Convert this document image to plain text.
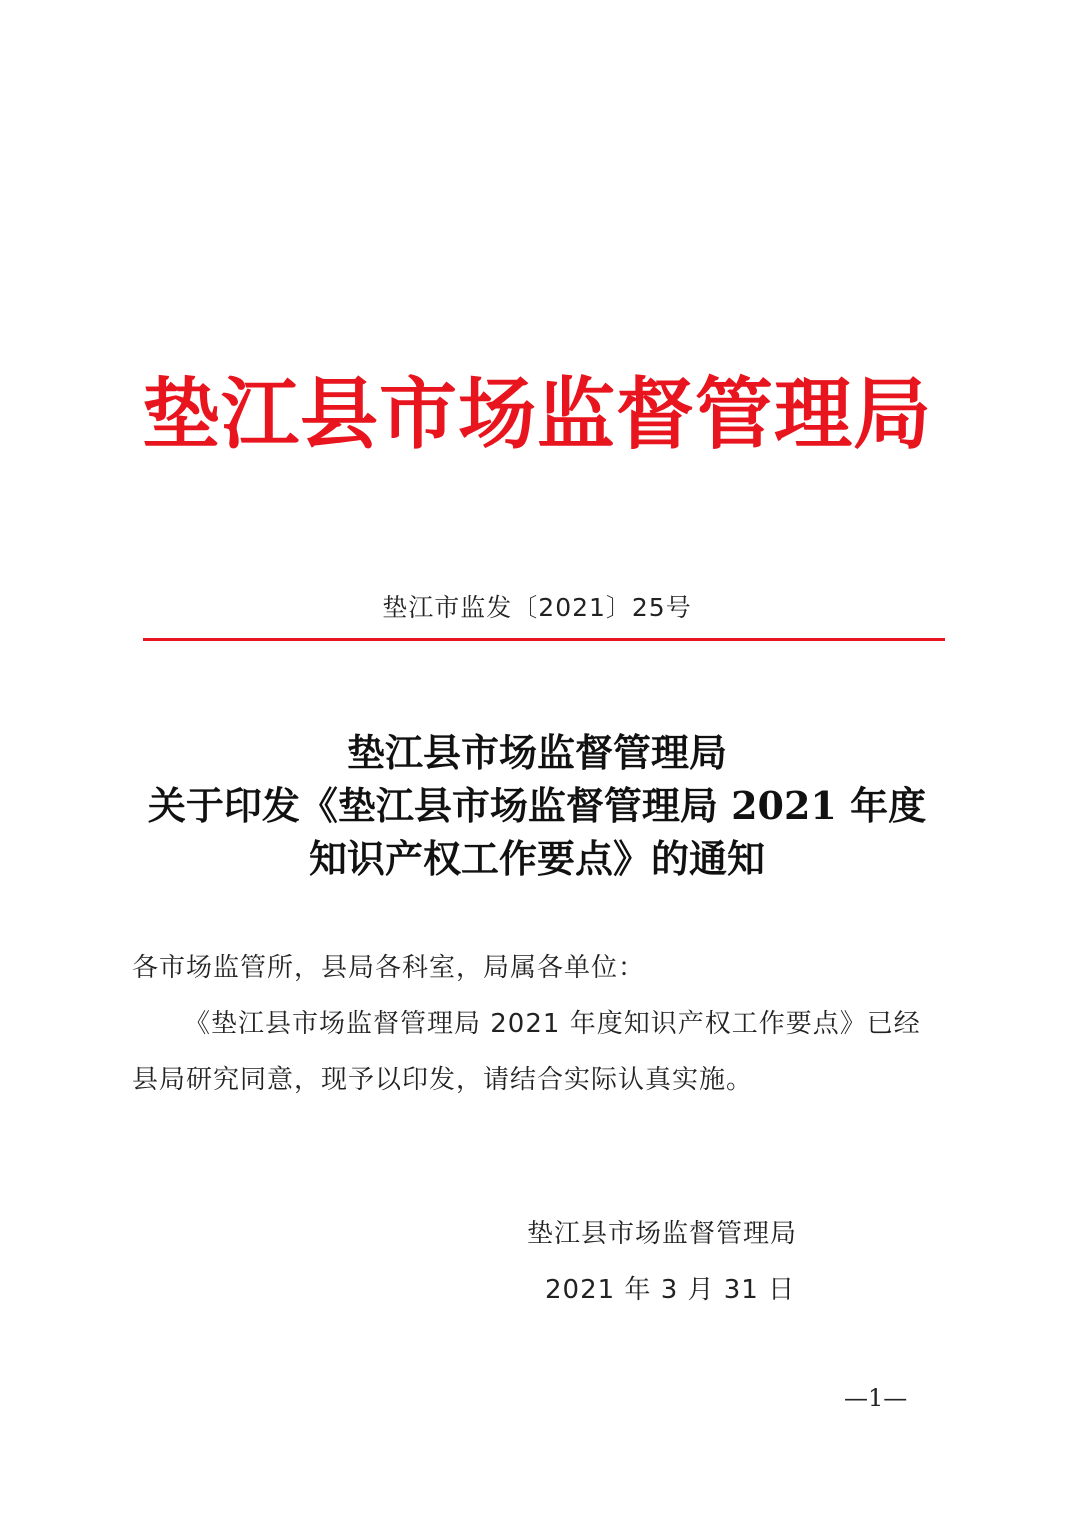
垫江县市场监督管理局
垫江市监发〔2021〕25号
垫江县市场监督管理局
关于印发《垫江县市场监督管理局 2021 年度
知识产权工作要点》的通知
各市场监管所，县局各科室，局属各单位：
《垫江县市场监督管理局 2021 年度知识产权工作要点》已经
县局研究同意，现予以印发，请结合实际认真实施。
垫江县市场监督管理局
2021 年 3 月 31 日
—1—
